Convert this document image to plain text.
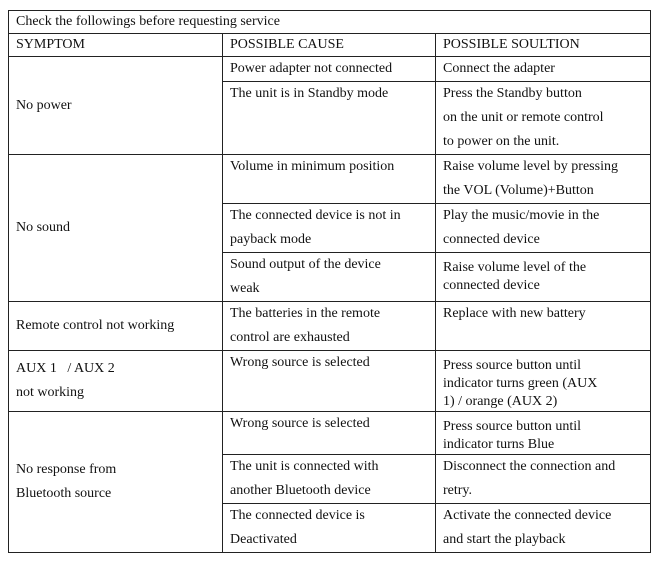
Check the followings before requesting service		
SYMPTOM	POSSIBLE CAUSE	POSSIBLE SOULTION

No power	Power adapter not connected	Connect the adapter

	The unit is in Standby mode	Press the Standby button
on the unit or remote control
to power on the unit.

No sound	Volume in minimum position	Raise volume level by pressing
the VOL (Volume)+Button

	The connected device is not in
payback mode	Play the music/movie in the
connected device

	Sound output of the device
weak	Raise volume level of the
connected device

Remote control not working	The batteries in the remote
control are exhausted	Replace with new battery

AUX 1   / AUX 2
not working	Wrong source is selected	Press source button until
indicator turns green (AUX
1) / orange (AUX 2)

No response from
Bluetooth source	Wrong source is selected	Press source button until
indicator turns Blue

	The unit is connected with
another Bluetooth device	Disconnect the connection and
retry.

	The connected device is
Deactivated	Activate the connected device
and start the playback
